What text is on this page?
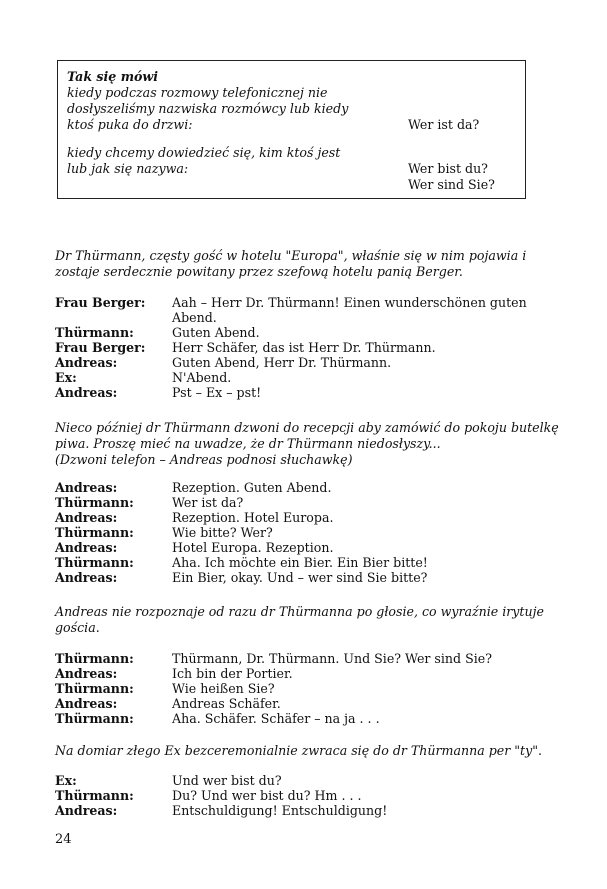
Tak się mówi
kiedy podczas rozmowy telefonicznej nie
dosłyszeliśmy nazwiska rozmówcy lub kiedy
ktoś puka do drzwi:	Wer ist da?
kiedy chcemy dowiedzieć się, kim ktoś jest
lub jak się nazywa:	Wer bist du?
Wer sind Sie?
Dr Thürmann, częsty gość w hotelu "Europa", właśnie się w nim pojawia i
zostaje serdecznie powitany przez szefową hotelu panią Berger.
Frau Berger: Aah – Herr Dr. Thürmann! Einen wunderschönen guten Abend.
Thürmann:	Guten Abend.
Frau Berger: Herr Schäfer, das ist Herr Dr. Thürmann.
Andreas:	Guten Abend, Herr Dr. Thürmann.
Ex:	N'Abend.
Andreas:	Pst – Ex – pst!
Nieco później dr Thürmann dzwoni do recepcji aby zamówić do pokoju butelkę
piwa. Proszę mieć na uwadze, że dr Thürmann niedosłyszy...
(Dzwoni telefon – Andreas podnosi słuchawkę)
Andreas:	Rezeption. Guten Abend.
Thürmann:	Wer ist da?
Andreas:	Rezeption. Hotel Europa.
Thürmann:	Wie bitte? Wer?
Andreas:	Hotel Europa. Rezeption.
Thürmann:	Aha. Ich möchte ein Bier. Ein Bier bitte!
Andreas:	Ein Bier, okay. Und – wer sind Sie bitte?
Andreas nie rozpoznaje od razu dr Thürmanna po głosie, co wyraźnie irytuje
gościa.
Thürmann:	Thürmann, Dr. Thürmann. Und Sie? Wer sind Sie?
Andreas:	Ich bin der Portier.
Thürmann:	Wie heißen Sie?
Andreas:	Andreas Schäfer.
Thürmann:	Aha. Schäfer. Schäfer – na ja . . .
Na domiar złego Ex bezceremonialnie zwraca się do dr Thürmanna per "ty".
Ex:	Und wer bist du?
Thürmann:	Du? Und wer bist du? Hm . . .
Andreas:	Entschuldigung! Entschuldigung!
24
